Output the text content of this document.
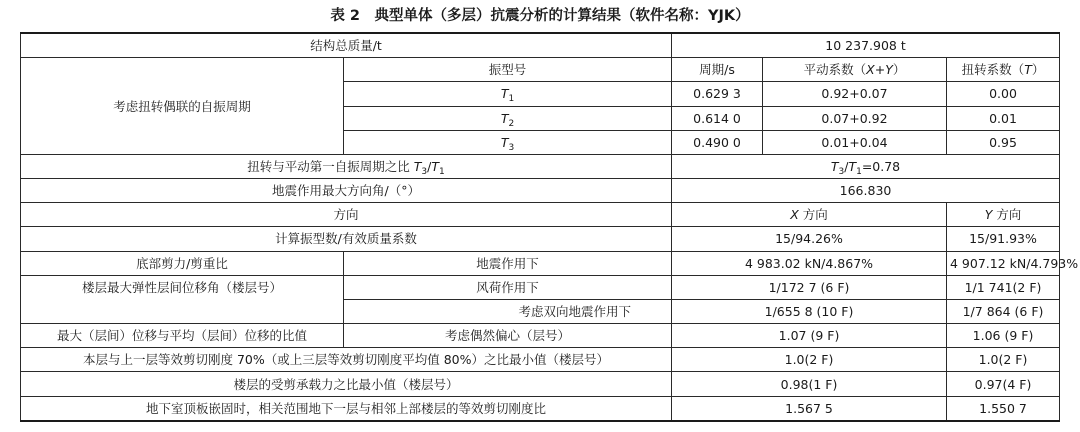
表 2　典型单体（多层）抗震分析的计算结果（软件名称：YJK）
结构总质量/t		10 237.908 t		
考虑扭转偶联的自振周期	振型号	周期/s	平动系数（X+Y）	扭转系数（T）
	$T_1$	0.629 3	0.92+0.07	0.00
	$T_2$	0.614 0	0.07+0.92	0.01
	$T_3$	0.490 0	0.01+0.04	0.95
扭转与平动第一自振周期之比 $T_3/T_1$		$T_3/T_1=0.78$		
地震作用最大方向角/（°）		166.830		
方向		X 方向		Y 方向
计算振型数/有效质量系数		15/94.26%		15/91.93%
底部剪力/剪重比	地震作用下	4 983.02 kN/4.867%		4 907.12 kN/4.793%
楼层最大弹性层间位移角（楼层号）	风荷作用下	1/172 7 (6 F)		1/1 741(2 F)
	考虑双向地震作用下	1/655 8 (10 F)		1/7 864 (6 F)
最大（层间）位移与平均（层间）位移的比值	考虑偶然偏心（层号）	1.07 (9 F)		1.06 (9 F)
本层与上一层等效剪切刚度 70%（或上三层等效剪切刚度平均值 80%）之比最小值（楼层号）		1.0(2 F)		1.0(2 F)
楼层的受剪承载力之比最小值（楼层号）		0.98(1 F)		0.97(4 F)
地下室顶板嵌固时，相关范围地下一层与相邻上部楼层的等效剪切刚度比		1.567 5		1.550 7
